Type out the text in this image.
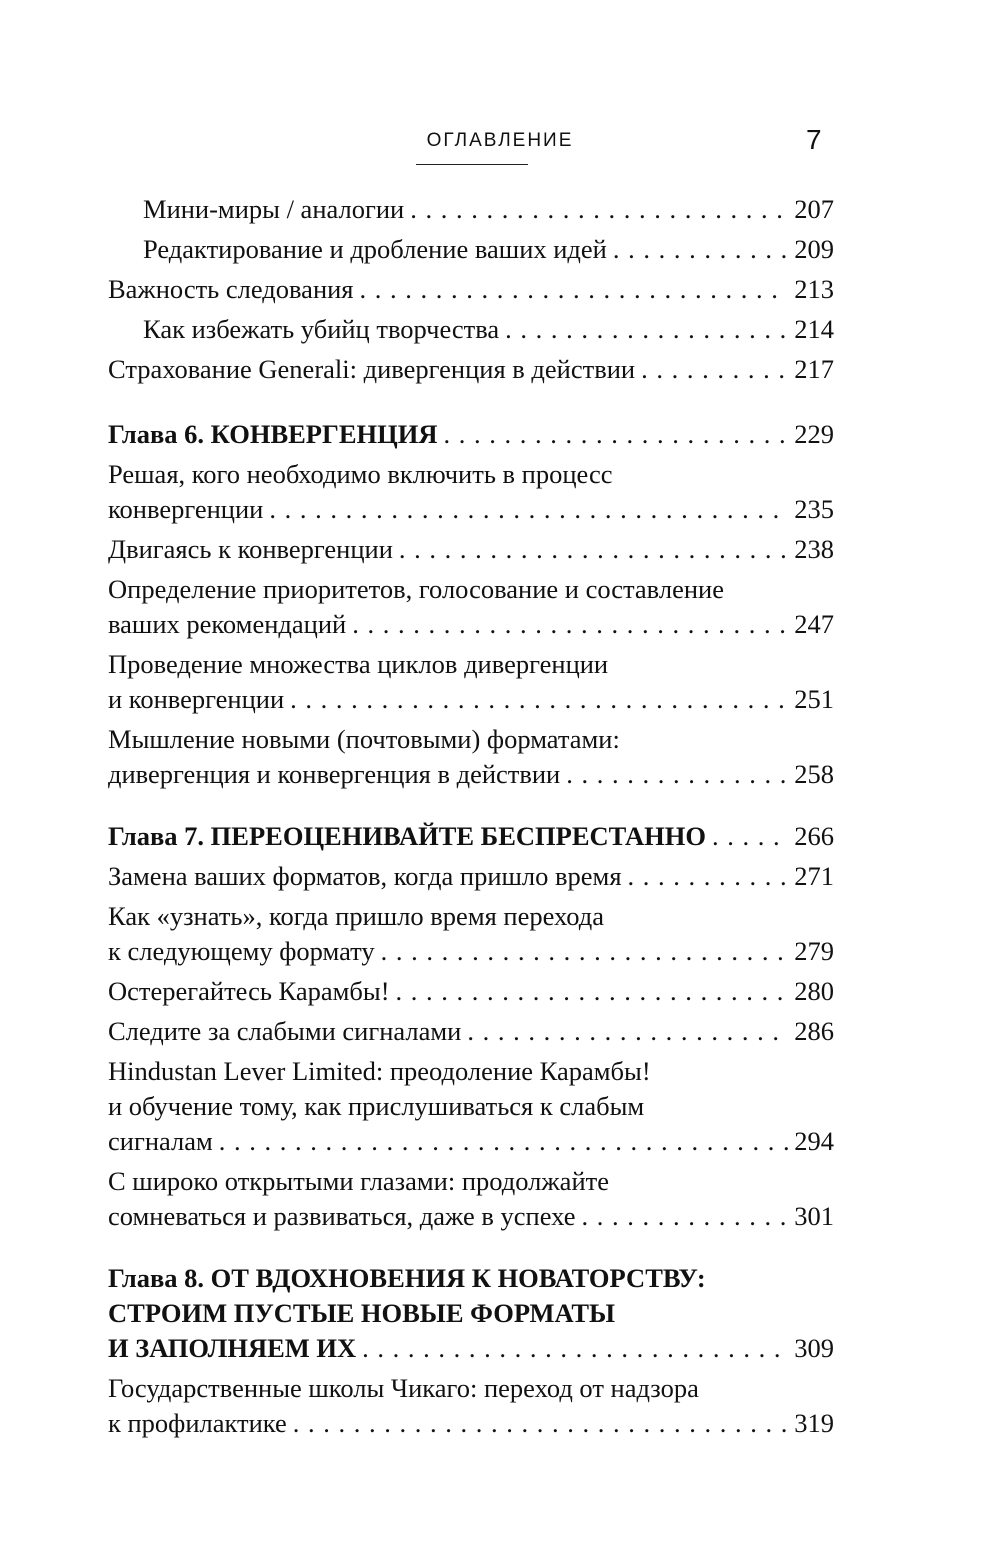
ОГЛАВЛЕНИЕ	7
Мини-миры / аналогии . . .	207
Редактирование и дробление ваших идей . . .	209
Важность следования . . .	213
Как избежать убийц творчества . . .	214
Страхование Generali: дивергенция в действии . . .	217
Глава 6. КОНВЕРГЕНЦИЯ . . .	229
Решая, кого необходимо включить в процесс
конвергенции . . .	235
Двигаясь к конвергенции . . .	238
Определение приоритетов, голосование и составление
ваших рекомендаций . . .	247
Проведение множества циклов дивергенции
и конвергенции . . .	251
Мышление новыми (почтовыми) форматами:
дивергенция и конвергенция в действии . . .	258
Глава 7. ПЕРЕОЦЕНИВАЙТЕ БЕСПРЕСТАННО . . .	266
Замена ваших форматов, когда пришло время . . .	271
Как «узнать», когда пришло время перехода
к следующему формату . . .	279
Остерегайтесь Карамбы! . . .	280
Следите за слабыми сигналами . . .	286
Hindustan Lever Limited: преодоление Карамбы!
и обучение тому, как прислушиваться к слабым
сигналам . . .	294
С широко открытыми глазами: продолжайте
сомневаться и развиваться, даже в успехе . . .	301
Глава 8. ОТ ВДОХНОВЕНИЯ К НОВАТОРСТВУ:
СТРОИМ ПУСТЫЕ НОВЫЕ ФОРМАТЫ
И ЗАПОЛНЯЕМ ИХ . . .	309
Государственные школы Чикаго: переход от надзора
к профилактике . . .	319
